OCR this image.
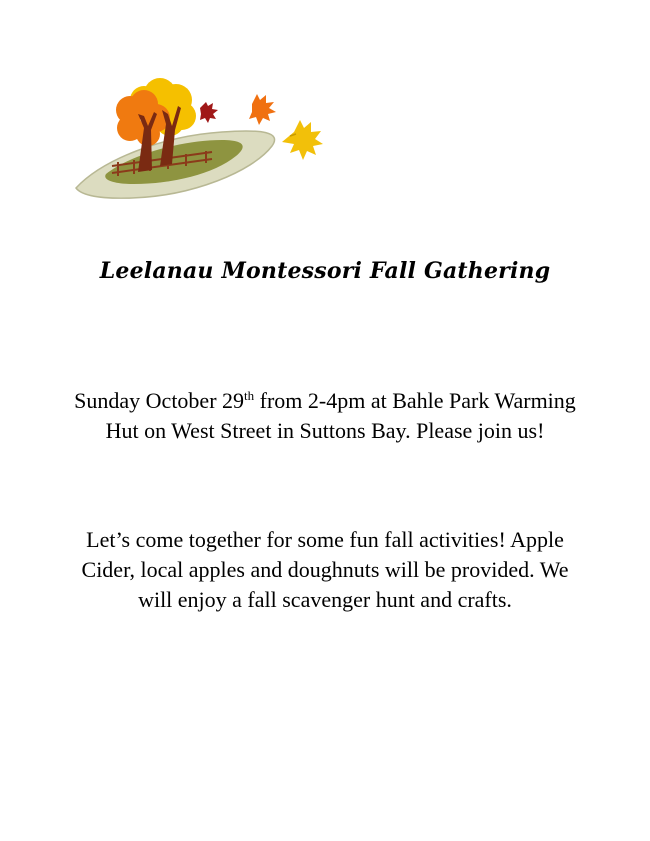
Leelanau Montessori Fall Gathering

Sunday October 29th from 2-4pm at Bahle Park Warming Hut on West Street in Suttons Bay. Please join us!

Let’s come together for some fun fall activities! Apple Cider, local apples and doughnuts will be provided. We will enjoy a fall scavenger hunt and crafts.
